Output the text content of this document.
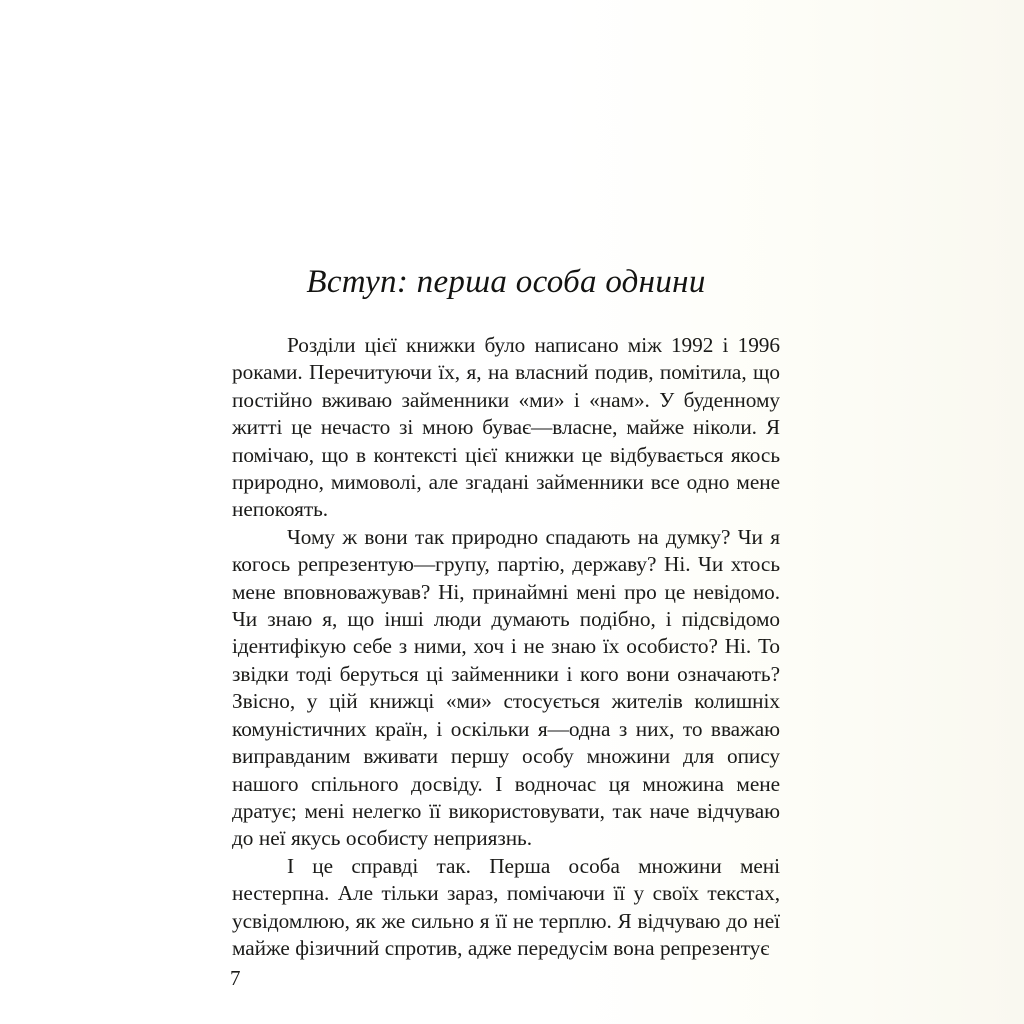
Вступ: перша особа однини

Розділи цієї книжки було написано між 1992 і 1996 роками. Перечитуючи їх, я, на власний подив, помітила, що постійно вживаю займенники «ми» і «нам». У буденному житті це нечасто зі мною буває—власне, майже ніколи. Я помічаю, що в контексті цієї книжки це відбувається якось природно, мимоволі, але згадані займенники все одно мене непокоять.

Чому ж вони так природно спадають на думку? Чи я когось репрезентую—групу, партію, державу? Ні. Чи хтось мене вповноважував? Ні, принаймні мені про це невідомо. Чи знаю я, що інші люди думають подібно, і підсвідомо ідентифікую себе з ними, хоч і не знаю їх особисто? Ні. То звідки тоді беруться ці займенники і кого вони означають? Звісно, у цій книжці «ми» стосується жителів колишніх комуністичних країн, і оскільки я—одна з них, то вважаю виправданим вживати першу особу множини для опису нашого спільного досвіду. І водночас ця множина мене дратує; мені нелегко її використовувати, так наче відчуваю до неї якусь особисту неприязнь.

І це справді так. Перша особа множини мені нестерпна. Але тільки зараз, помічаючи її у своїх текстах, усвідомлюю, як же сильно я її не терплю. Я відчуваю до неї майже фізичний спротив, адже передусім вона репрезентує

7
